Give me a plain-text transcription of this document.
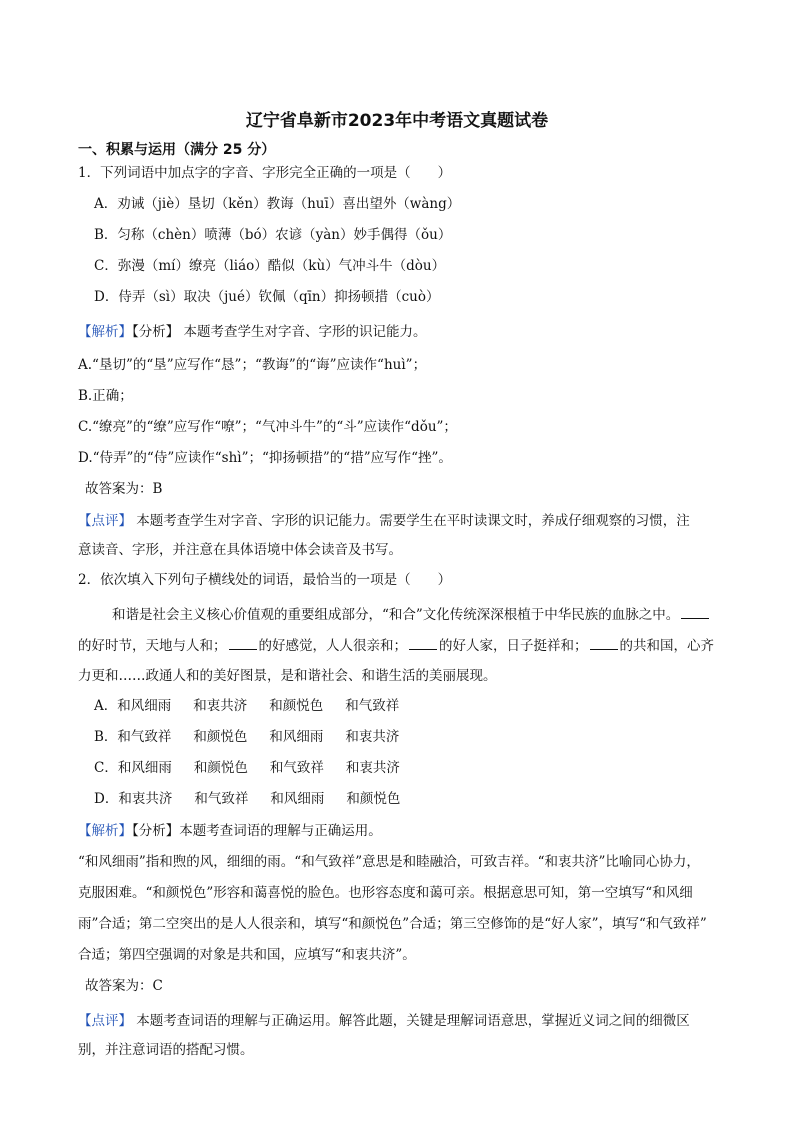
辽宁省阜新市2023年中考语文真题试卷
一、积累与运用（满分 25 分）
1．下列词语中加点字的字音、字形完全正确的一项是（　　）
A．劝诫（jiè）垦切（kěn）教诲（huī）喜出望外（wàng）
B．匀称（chèn）喷薄（bó）农谚（yàn）妙手偶得（ǒu）
C．弥漫（mí）缭亮（liáo）酷似（kù）气冲斗牛（dòu）
D．侍弄（sì）取决（jué）钦佩（qīn）抑扬顿措（cuò）
【解析】【分析】 本题考查学生对字音、字形的识记能力。
A.“垦切”的“垦”应写作“恳”；“教诲”的“诲”应读作“huì”；
B.正确；
C.“缭亮”的“缭”应写作“嘹”；“气冲斗牛”的“斗”应读作“dǒu”；
D.“侍弄”的“侍”应读作“shì”；“抑扬顿措”的“措”应写作“挫”。
故答案为：B
【点评】 本题考查学生对字音、字形的识记能力。需要学生在平时读课文时，养成仔细观察的习惯，注
意读音、字形，并注意在具体语境中体会读音及书写。
2．依次填入下列句子横线处的词语，最恰当的一项是（　　）
和谐是社会主义核心价值观的重要组成部分，“和合”文化传统深深根植于中华民族的血脉之中。
的好时节，天地与人和； 的好感觉，人人很亲和； 的好人家，日子挺祥和； 的共和国，心齐
力更和……政通人和的美好图景，是和谐社会、和谐生活的美丽展现。
A．和风细雨 和衷共济 和颜悦色 和气致祥
B．和气致祥 和颜悦色 和风细雨 和衷共济
C．和风细雨 和颜悦色 和气致祥 和衷共济
D．和衷共济 和气致祥 和风细雨 和颜悦色
【解析】【分析】本题考查词语的理解与正确运用。
“和风细雨”指和煦的风，细细的雨。“和气致祥”意思是和睦融洽，可致吉祥。“和衷共济”比喻同心协力，
克服困难。“和颜悦色”形容和蔼喜悦的脸色。也形容态度和蔼可亲。根据意思可知，第一空填写“和风细
雨”合适；第二空突出的是人人很亲和，填写“和颜悦色”合适；第三空修饰的是“好人家”，填写“和气致祥”
合适；第四空强调的对象是共和国，应填写“和衷共济”。
故答案为：C
【点评】 本题考查词语的理解与正确运用。解答此题，关键是理解词语意思，掌握近义词之间的细微区
别，并注意词语的搭配习惯。
